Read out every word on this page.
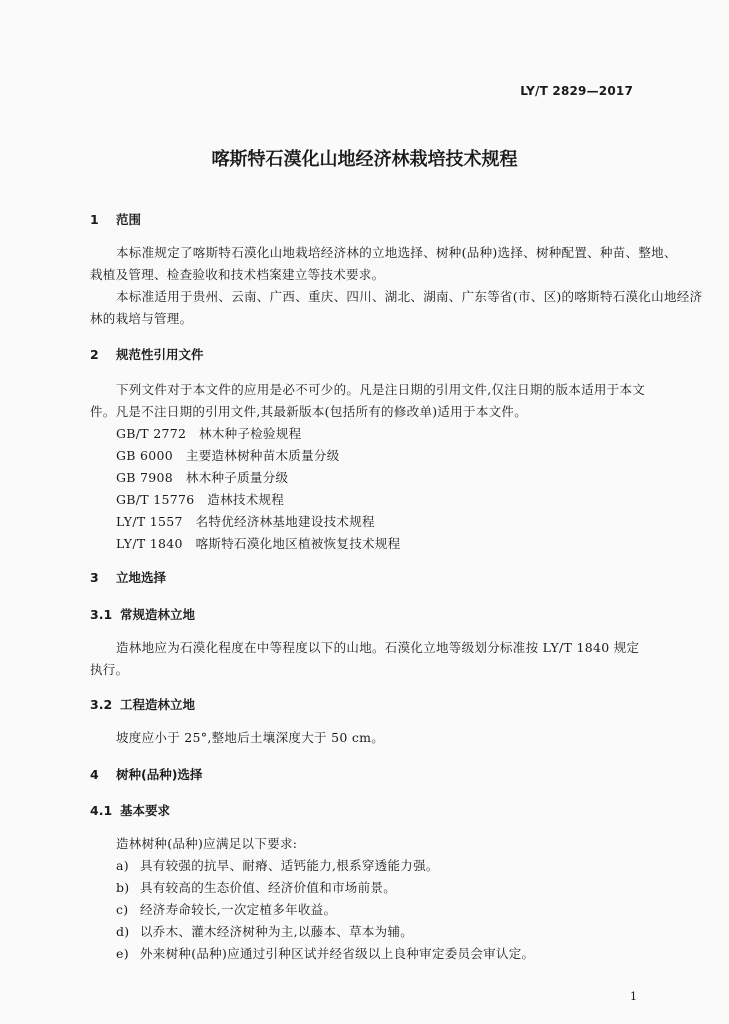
LY/T 2829—2017
喀斯特石漠化山地经济林栽培技术规程
1 范围
本标准规定了喀斯特石漠化山地栽培经济林的立地选择、树种(品种)选择、树种配置、种苗、整地、
栽植及管理、检查验收和技术档案建立等技术要求。
本标准适用于贵州、云南、广西、重庆、四川、湖北、湖南、广东等省(市、区)的喀斯特石漠化山地经济
林的栽培与管理。
2 规范性引用文件
下列文件对于本文件的应用是必不可少的。凡是注日期的引用文件,仅注日期的版本适用于本文
件。凡是不注日期的引用文件,其最新版本(包括所有的修改单)适用于本文件。
GB/T 2772 林木种子检验规程
GB 6000 主要造林树种苗木质量分级
GB 7908 林木种子质量分级
GB/T 15776 造林技术规程
LY/T 1557 名特优经济林基地建设技术规程
LY/T 1840 喀斯特石漠化地区植被恢复技术规程
3 立地选择
3.1 常规造林立地
造林地应为石漠化程度在中等程度以下的山地。石漠化立地等级划分标准按 LY/T 1840 规定
执行。
3.2 工程造林立地
坡度应小于 25°,整地后土壤深度大于 50 cm。
4 树种(品种)选择
4.1 基本要求
造林树种(品种)应满足以下要求:
a) 具有较强的抗旱、耐瘠、适钙能力,根系穿透能力强。
b) 具有较高的生态价值、经济价值和市场前景。
c) 经济寿命较长,一次定植多年收益。
d) 以乔木、灌木经济树种为主,以藤本、草本为辅。
e) 外来树种(品种)应通过引种区试并经省级以上良种审定委员会审认定。
1
